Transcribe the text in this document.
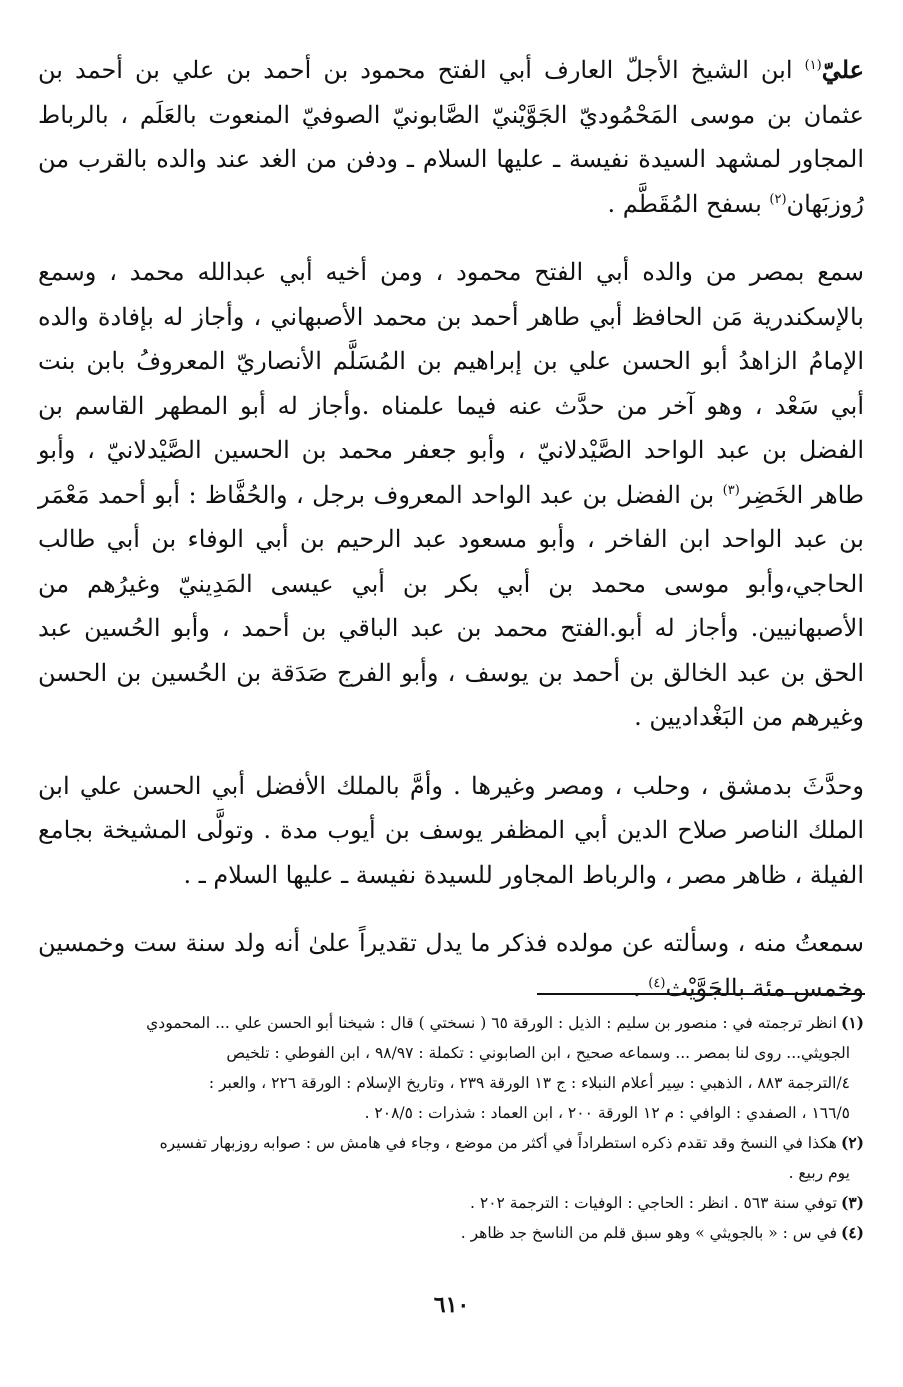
عليّ$^{(١)}$ ابن الشيخ الأجلّ العارف أبي الفتح محمود بن أحمد بن علي بن أحمد بن عثمان بن موسى المَحْمُوديّ الجَوَّيْنيّ الصَّابونيّ الصوفيّ المنعوت بالعَلَم ، بالرباط المجاور لمشهد السيدة نفيسة ـ عليها السلام ـ ودفن من الغد عند والده بالقرب من رُوزبَهان$^{(٢)}$ بسفح المُقَطَّم .

سمع بمصر من والده أبي الفتح محمود ، ومن أخيه أبي عبدالله محمد ، وسمع بالإسكندرية مَن الحافظ أبي طاهر أحمد بن محمد الأصبهاني ، وأجاز له بإفادة والده الإمامُ الزاهدُ أبو الحسن علي بن إبراهيم بن المُسَلَّم الأنصاريّ المعروفُ بابن بنت أبي سَعْد ، وهو آخر من حدَّث عنه فيما علمناه .وأجاز له أبو المطهر القاسم بن الفضل بن عبد الواحد الصَّيْدلانيّ ، وأبو جعفر محمد بن الحسين الصَّيْدلانيّ ، وأبو طاهر الخَضِر$^{(٣)}$ بن الفضل بن عبد الواحد المعروف برجل ، والحُفَّاظ : أبو أحمد مَعْمَر بن عبد الواحد ابن الفاخر ، وأبو مسعود عبد الرحيم بن أبي الوفاء بن أبي طالب الحاجي،وأبو موسى محمد بن أبي بكر بن أبي عيسى المَدِينيّ وغيرُهم من الأصبهانيين. وأجاز له أبو.الفتح محمد بن عبد الباقي بن أحمد ، وأبو الحُسين عبد الحق بن عبد الخالق بن أحمد بن يوسف ، وأبو الفرج صَدَقة بن الحُسين بن الحسن وغيرهم من البَغْداديين .

وحدَّثَ بدمشق ، وحلب ، ومصر وغيرها . وأمَّ بالملك الأفضل أبي الحسن علي ابن الملك الناصر صلاح الدين أبي المظفر يوسف بن أيوب مدة . وتولَّى المشيخة بجامع الفيلة ، ظاهر مصر ، والرباط المجاور للسيدة نفيسة ـ عليها السلام ـ .

سمعتُ منه ، وسألته عن مولده فذكر ما يدل تقديراً علىٰ أنه ولد سنة ست وخمسين وخمس مئة بالجَوَّيْث$^{(٤)}$ .

(١)انظر ترجمته في : منصور بن سليم : الذيل : الورقة ٦٥ ( نسختي ) قال : شيخنا أبو الحسن علي ... المحمودي
الجويثي... روى لنا بمصر ... وسماعه صحيح ، ابن الصابوني : تكملة : ٩٨/٩٧ ، ابن الفوطي : تلخيص
٤/الترجمة ٨٨٣ ، الذهبي : سِير أعلام النبلاء : ج ١٣ الورقة ٢٣٩ ، وتاريخ الإسلام : الورقة ٢٢٦ ، والعبر :
١٦٦/٥ ، الصفدي : الوافي : م ١٢ الورقة ٢٠٠ ، ابن العماد : شذرات : ٢٠٨/٥ .

(٢)هكذا في النسخ وقد تقدم ذكره استطراداً في أكثر من موضع ، وجاء في هامش س : صوابه روزبهار تفسيره
يوم ربيع .

(٣)توفي سنة ٥٦٣ . انظر : الحاجي : الوفيات : الترجمة ٢٠٢ .

(٤)في س : « بالجويثي » وهو سبق قلم من الناسخ جد ظاهر .

٦١٠
